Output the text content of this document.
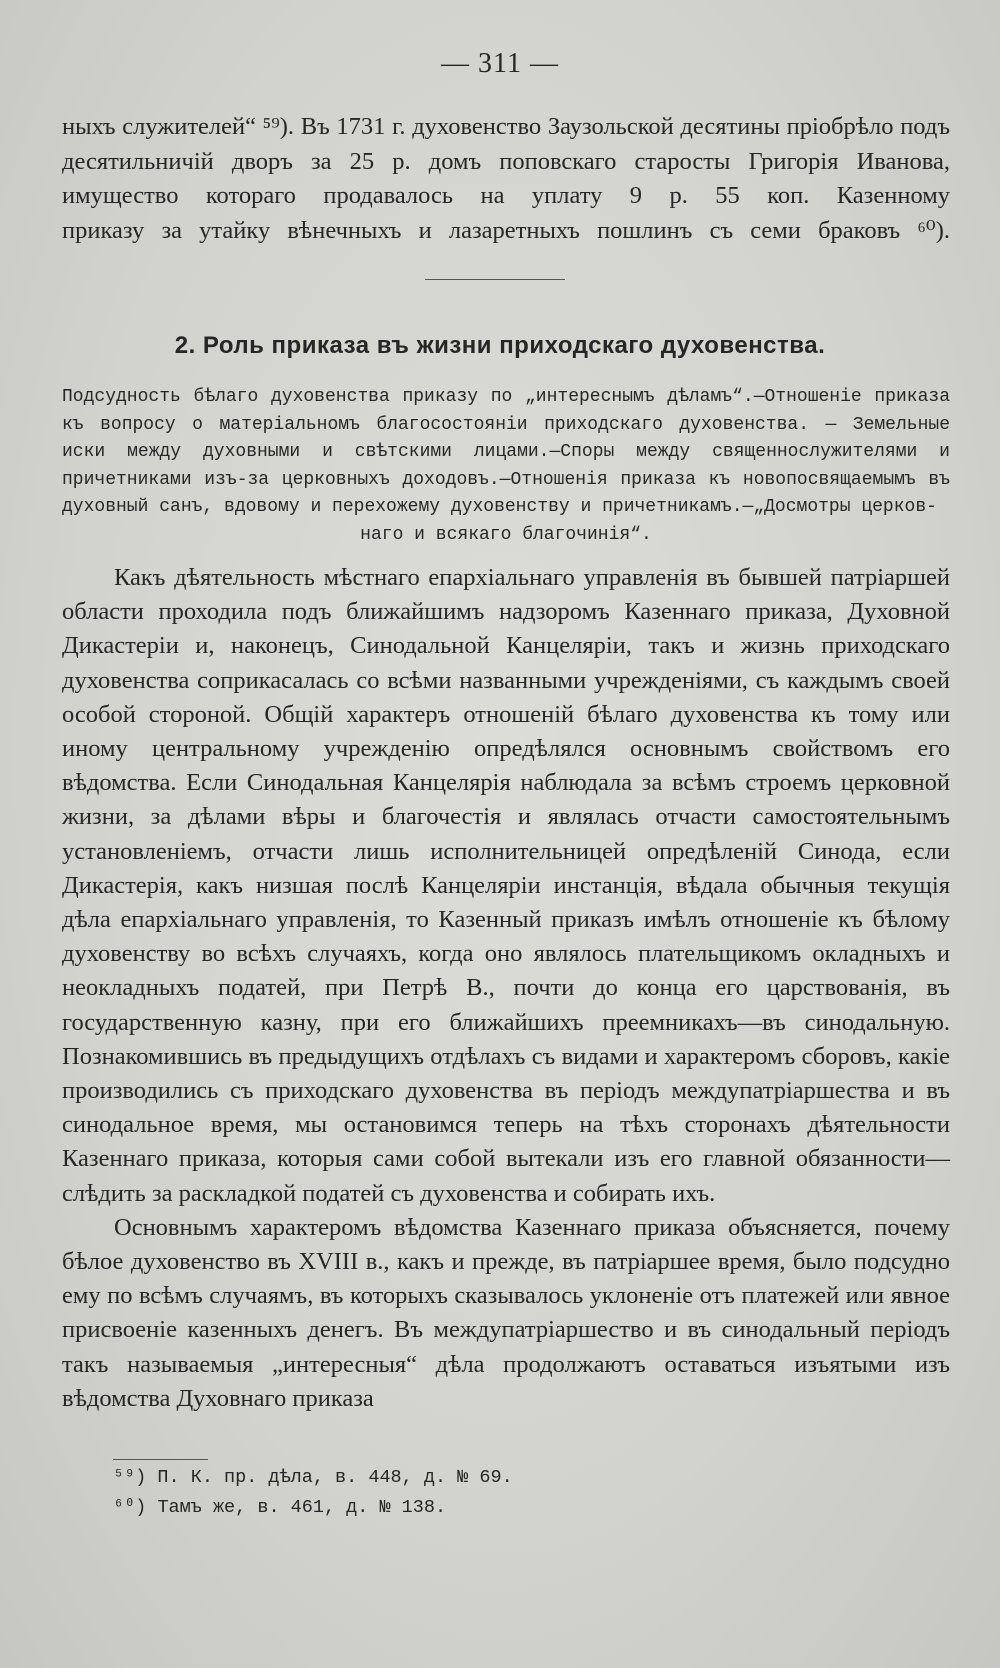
— 311 —

ныхъ служителей“ ⁵⁹). Въ 1731 г. духовенство Заузольской десятины пріобрѣло подъ десятильничій дворъ за 25 р. домъ поповскаго старосты Григорія Иванова, имущество котораго продавалось на уплату 9 р. 55 коп. Казенному
приказу за утайку вѣнечныхъ и лазаретныхъ пошлинъ съ семи браковъ ⁶⁰).

2. Роль приказа въ жизни приходскаго духовенства.

Подсудность бѣлаго духовенства приказу по „интереснымъ дѣламъ“.—Отношеніе приказа къ вопросу о матеріальномъ благосостояніи приходскаго духовенства. — Земельные иски между духовными и свѣтскими лицами.—Споры между священнослужителями и причетниками изъ-за церковныхъ доходовъ.—Отношенія приказа къ новопосвящаемымъ въ духовный санъ, вдовому и перехожему духовенству и причетникамъ.—„Досмотры церков-
наго и всякаго благочинія“.

Какъ дѣятельность мѣстнаго епархіальнаго управленія въ бывшей патріаршей области проходила подъ ближайшимъ надзоромъ Казеннаго приказа, Духовной Дикастеріи и, наконецъ, Синодальной Канцеляріи, такъ и жизнь приходскаго духовенства соприкасалась со всѣми названными учрежденіями, съ каждымъ своей особой стороной. Общій характеръ отношеній бѣлаго духовенства къ тому или иному центральному учрежденію опредѣлялся основнымъ свойствомъ его вѣдомства. Если Синодальная Канцелярія наблюдала за всѣмъ строемъ церковной жизни, за дѣлами вѣры и благочестія и являлась отчасти самостоятельнымъ установленіемъ, отчасти лишь исполнительницей опредѣленій Синода, если Дикастерія, какъ низшая послѣ Канцеляріи инстанція, вѣдала обычныя текущія дѣла епархіальнаго управленія, то Казенный приказъ имѣлъ отношеніе къ бѣлому духовенству во всѣхъ случаяхъ, когда оно являлось плательщикомъ окладныхъ и неокладныхъ податей, при Петрѣ В., почти до конца его царствованія, въ государственную казну, при его ближайшихъ преемникахъ—въ синодальную. Познакомившись въ предыдущихъ отдѣлахъ съ видами и характеромъ сборовъ, какіе производились съ приходскаго духовенства въ періодъ междупатріаршества и въ синодальное время, мы остановимся теперь на тѣхъ сторонахъ дѣятельности Казеннаго приказа, которыя сами собой вытекали изъ его главной обязанности—слѣдить за раскладкой податей съ духовенства и собирать ихъ.

Основнымъ характеромъ вѣдомства Казеннаго приказа объясняется, почему бѣлое духовенство въ XVIII в., какъ и прежде, въ патріаршее время, было подсудно ему по всѣмъ случаямъ, въ которыхъ сказывалось уклоненіе отъ платежей или явное присвоеніе казенныхъ денегъ. Въ междупатріаршество и въ синодальный періодъ такъ называемыя „интересныя“ дѣла продолжаютъ оставаться изъятыми изъ вѣдомства Духовнаго приказа

⁵⁹) П. К. пр. дѣла, в. 448, д. № 69.
⁶⁰) Тамъ же, в. 461, д. № 138.
